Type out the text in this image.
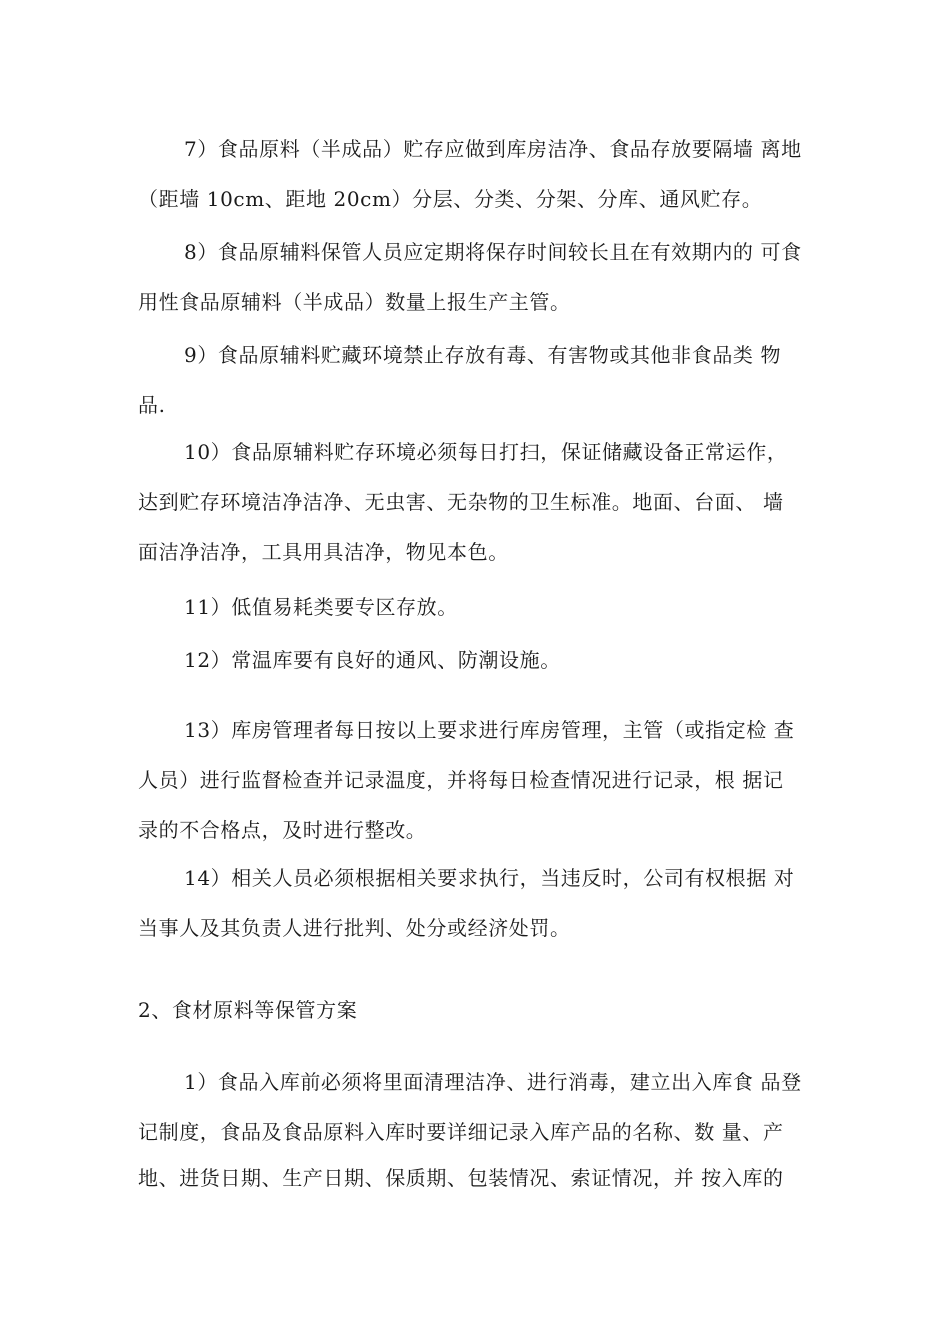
7）食品原料（半成品）贮存应做到库房洁净、食品存放要隔墙 离地
（距墙 10cm、距地 20cm）分层、分类、分架、分库、通风贮存。
8）食品原辅料保管人员应定期将保存时间较长且在有效期内的 可食
用性食品原辅料（半成品）数量上报生产主管。
9）食品原辅料贮藏环境禁止存放有毒、有害物或其他非食品类 物
品.
10）食品原辅料贮存环境必须每日打扫，保证储藏设备正常运作，
达到贮存环境洁净洁净、无虫害、无杂物的卫生标准。地面、台面、 墙
面洁净洁净，工具用具洁净，物见本色。
11）低值易耗类要专区存放。
12）常温库要有良好的通风、防潮设施。
13）库房管理者每日按以上要求进行库房管理，主管（或指定检 查
人员）进行监督检查并记录温度，并将每日检查情况进行记录，根 据记
录的不合格点，及时进行整改。
14）相关人员必须根据相关要求执行，当违反时，公司有权根据 对
当事人及其负责人进行批判、处分或经济处罚。
2、食材原料等保管方案
1）食品入库前必须将里面清理洁净、进行消毒，建立出入库食 品登
记制度，食品及食品原料入库时要详细记录入库产品的名称、数 量、产
地、进货日期、生产日期、保质期、包装情况、索证情况，并 按入库的
